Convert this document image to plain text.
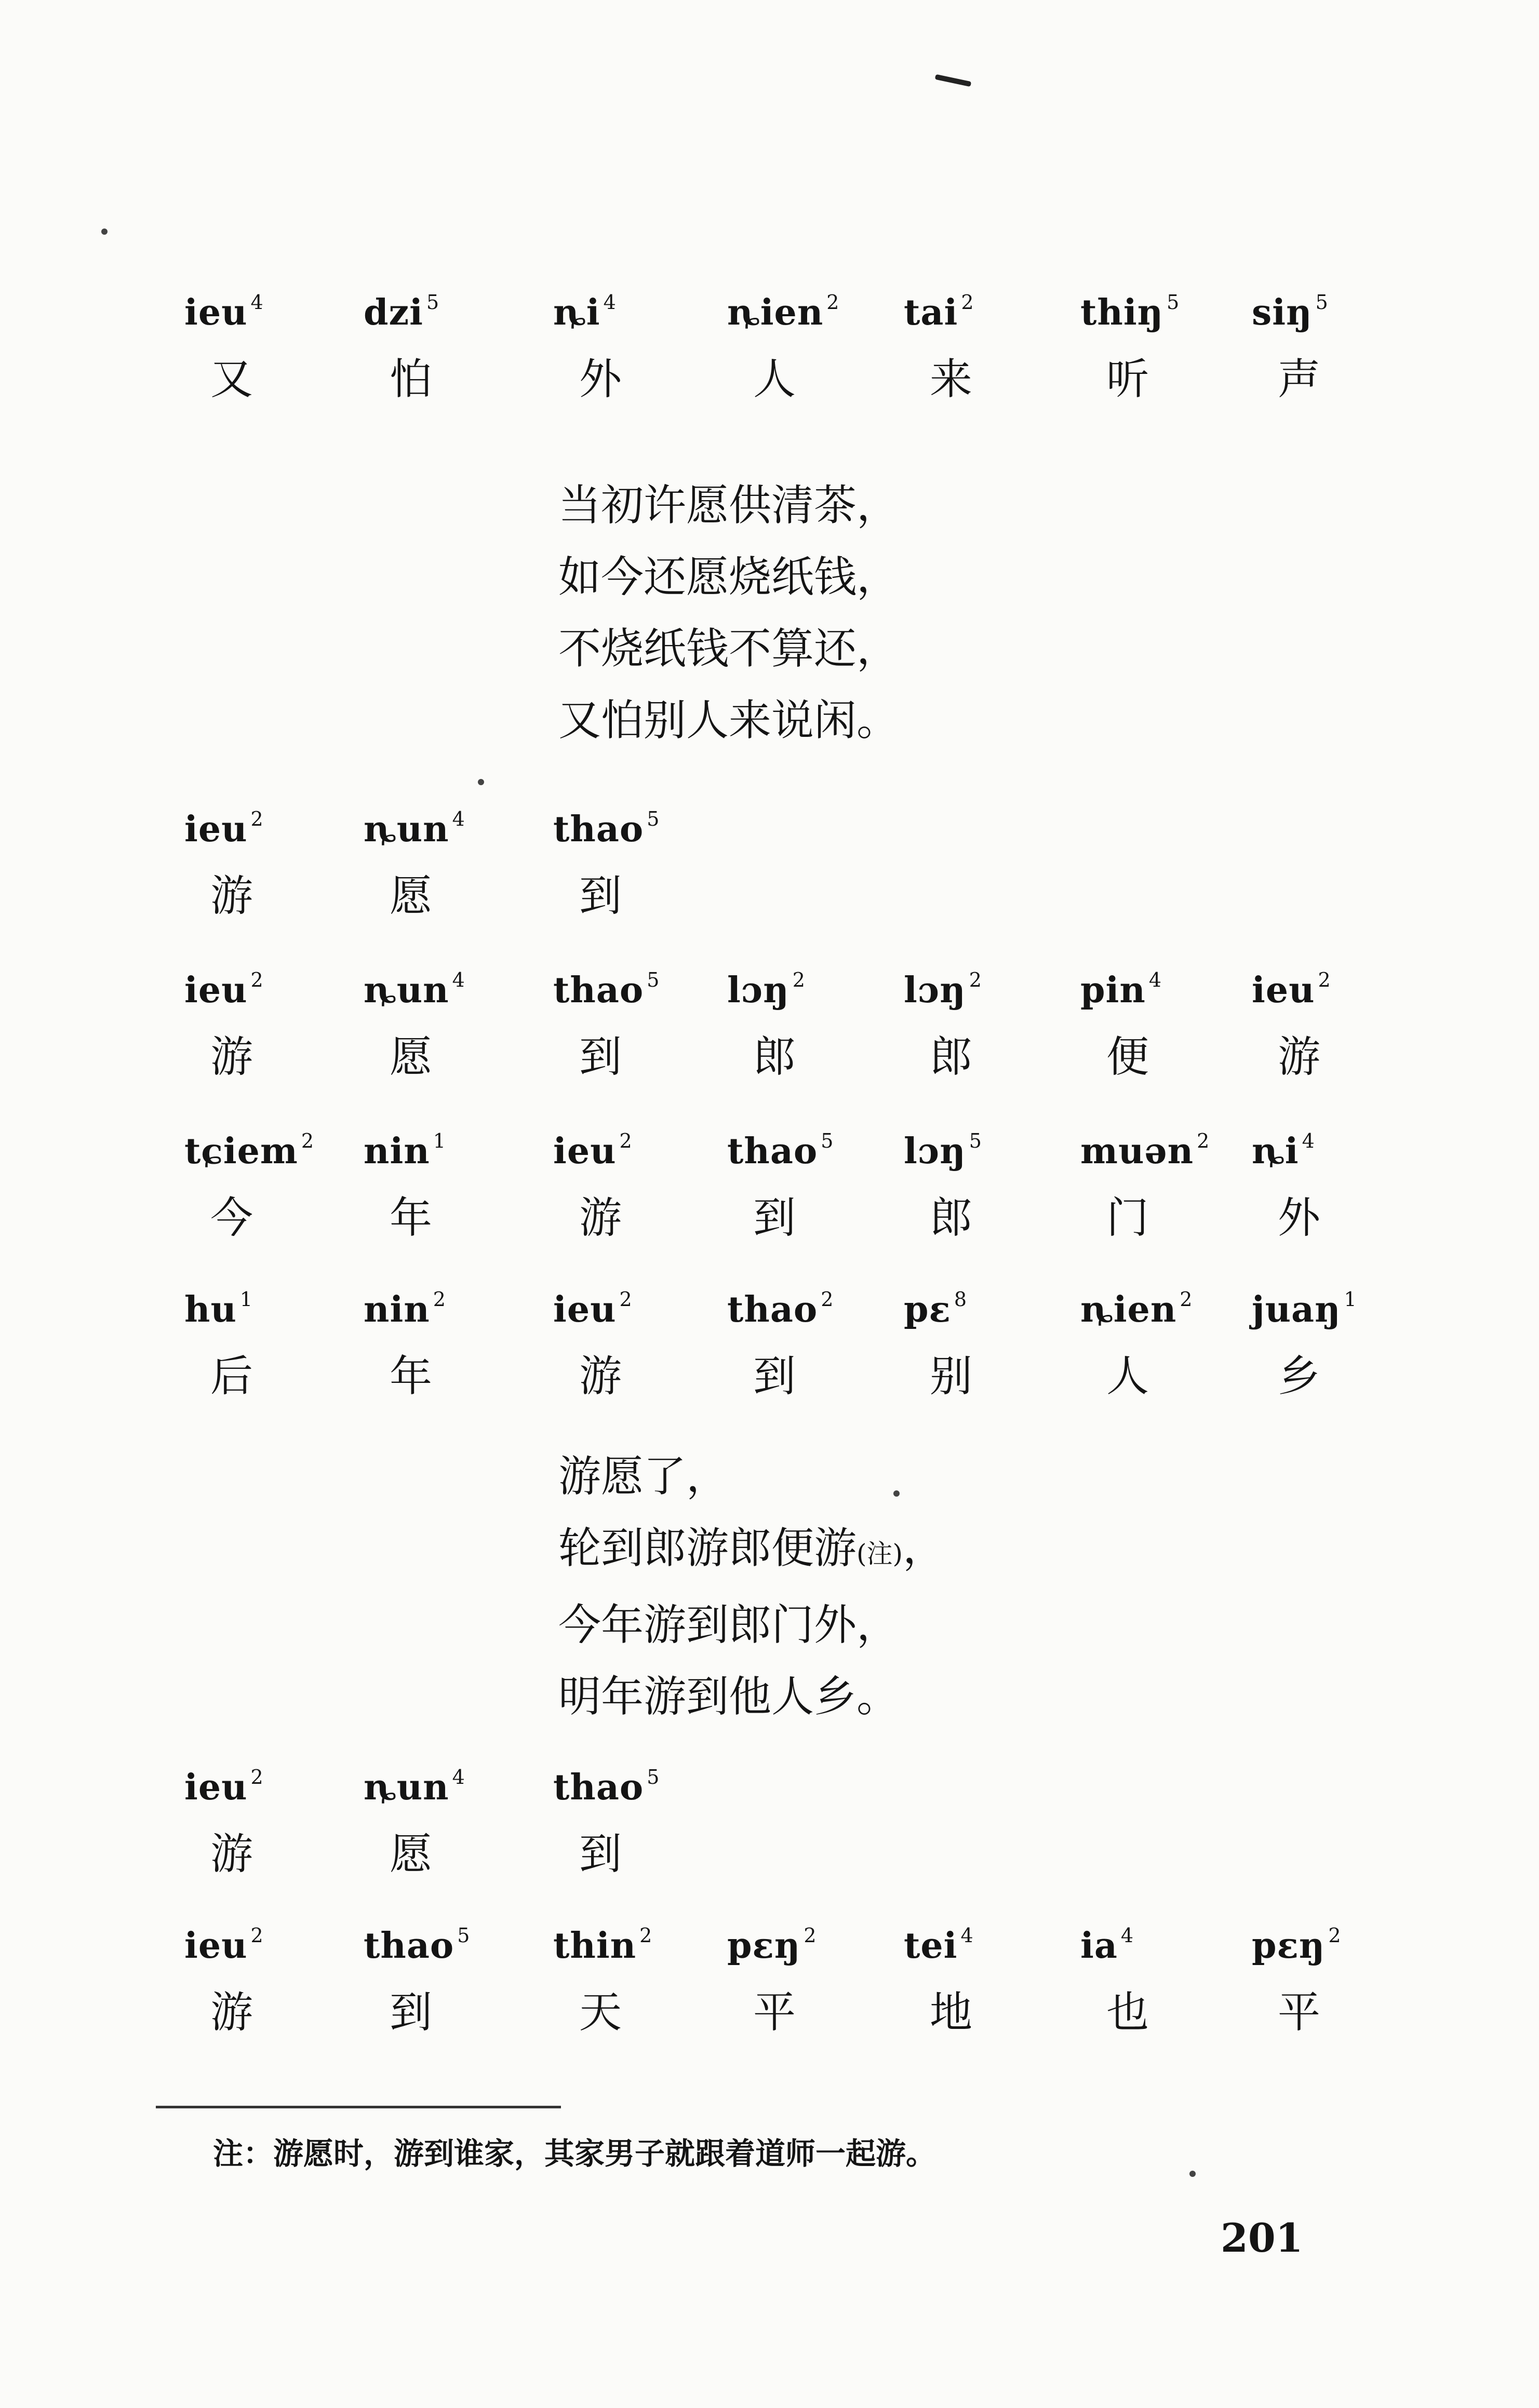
ieu $^4$
又
dzi $^5$
怕
ȵi $^4$
外
ȵien $^2$
人
tai $^2$
来
thiŋ $^5$
听
siŋ $^5$
声
当初许愿供清茶，
如今还愿烧纸钱，
不烧纸钱不算还，
又怕别人来说闲。
ieu $^2$
游
ȵun $^4$
愿
thao $^5$
到
ieu $^2$
游
ȵun $^4$
愿
thao $^5$
到
lɔŋ $^2$
郎
lɔŋ $^2$
郎
pin $^4$
便
ieu $^2$
游
tɕiem $^2$
今
nin $^1$
年
ieu $^2$
游
thao $^5$
到
lɔŋ $^5$
郎
muən $^2$
门
ȵi $^4$
外
hu $^1$
后
nin $^2$
年
ieu $^2$
游
thao $^2$
到
pɛ $^8$
别
ȵien $^2$
人
juaŋ $^1$
乡
游愿了，
轮到郎游郎便游(注)，
今年游到郎门外，
明年游到他人乡。
ieu $^2$
游
ȵun $^4$
愿
thao $^5$
到
ieu $^2$
游
thao $^5$
到
thin $^2$
天
pɛŋ $^2$
平
tei $^4$
地
ia $^4$
也
pɛŋ $^2$
平
注：游愿时，游到谁家，其家男子就跟着道师一起游。
201
